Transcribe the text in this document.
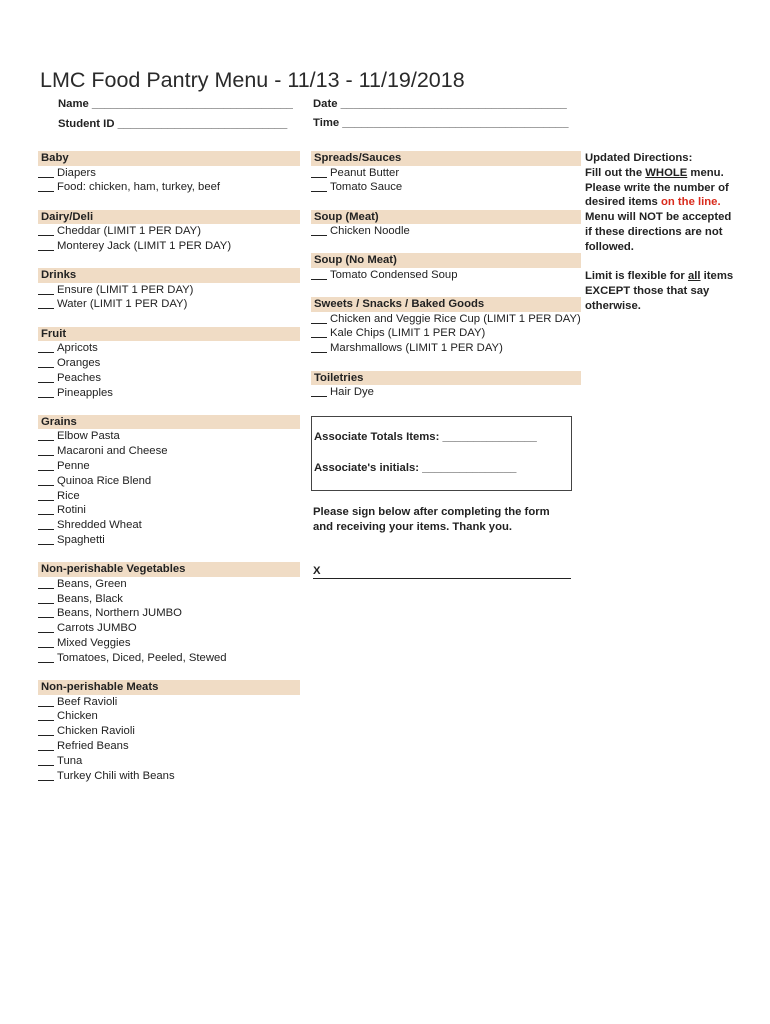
LMC Food Pantry Menu - 11/13 - 11/19/2018
Name ________________________________
Student ID ___________________________
Date ____________________________________
Time ____________________________________
Baby
Diapers
Food: chicken, ham, turkey, beef
Dairy/Deli
Cheddar (LIMIT 1 PER DAY)
Monterey Jack (LIMIT 1 PER DAY)
Drinks
Ensure (LIMIT 1 PER DAY)
Water (LIMIT 1 PER DAY)
Fruit
Apricots
Oranges
Peaches
Pineapples
Grains
Elbow Pasta
Macaroni and Cheese
Penne
Quinoa Rice Blend
Rice
Rotini
Shredded Wheat
Spaghetti
Non-perishable Vegetables
Beans, Green
Beans, Black
Beans, Northern JUMBO
Carrots JUMBO
Mixed Veggies
Tomatoes, Diced, Peeled, Stewed
Non-perishable Meats
Beef Ravioli
Chicken
Chicken Ravioli
Refried Beans
Tuna
Turkey Chili with Beans
Spreads/Sauces
Peanut Butter
Tomato Sauce
Soup (Meat)
Chicken Noodle
Soup (No Meat)
Tomato Condensed Soup
Sweets / Snacks / Baked Goods
Chicken and Veggie Rice Cup (LIMIT 1 PER DAY)
Kale Chips (LIMIT 1 PER DAY)
Marshmallows (LIMIT 1 PER DAY)
Toiletries
Hair Dye
Associate Totals Items: _______________
Associate's initials: _______________
Please sign below after completing the form
and receiving your items. Thank you.
X

Updated Directions:

Fill out the WHOLE menu.

Please write the number of

desired items on the line.

Menu will NOT be accepted

if these directions are not

followed.

Limit is flexible for all items

EXCEPT those that say

otherwise.
